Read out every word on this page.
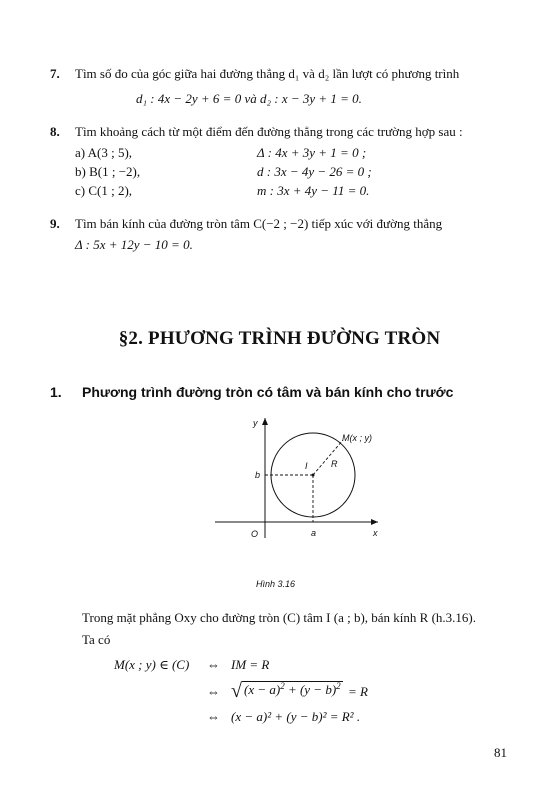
7. Tìm số đo của góc giữa hai đường thẳng d₁ và d₂ lần lượt có phương trình
d₁ : 4x − 2y + 6 = 0 và d₂ : x − 3y + 1 = 0.
8. Tìm khoảng cách từ một điểm đến đường thẳng trong các trường hợp sau :
a) A(3 ; 5),	Δ : 4x + 3y + 1 = 0 ;
b) B(1 ; −2),	d : 3x − 4y − 26 = 0 ;
c) C(1 ; 2),	m : 3x + 4y − 11 = 0.
9. Tìm bán kính của đường tròn tâm C(−2 ; −2) tiếp xúc với đường thẳng
Δ : 5x + 12y − 10 = 0.
§2. PHƯƠNG TRÌNH ĐƯỜNG TRÒN
1. Phương trình đường tròn có tâm và bán kính cho trước
y
x
O	a
b
I	R
M(x ; y)
Hình 3.16
Trong mặt phẳng Oxy cho đường tròn (C) tâm I (a ; b), bán kính R (h.3.16).
Ta có
M(x ; y) ∈ (C) ⇔ IM = R
⇔ √ $(x - a)^2 + (y - b)^2 = R$
⇔ (x − a)² + (y − b)² = R² .
81
